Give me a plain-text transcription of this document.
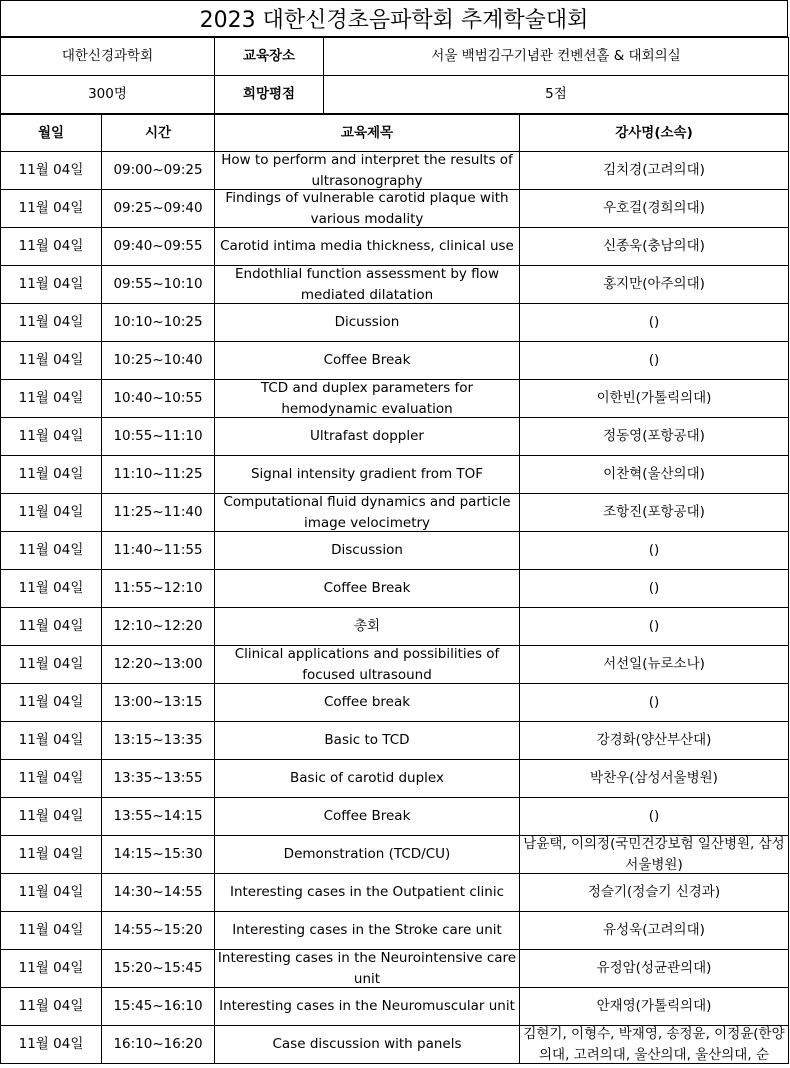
2023 대한신경초음파학회 추계학술대회
대한신경과학회	교육장소	서울 백범김구기념관 컨벤션홀 & 대회의실
300명	희망평점	5점
월일	시간	교육제목	강사명(소속)

11월 04일	09:00~09:25	How to perform and interpret the results of ultrasonography	김치경(고려의대)

11월 04일	09:25~09:40	Findings of vulnerable carotid plaque with various modality	우호걸(경희의대)

11월 04일	09:40~09:55	Carotid intima media thickness, clinical use	신종욱(충남의대)

11월 04일	09:55~10:10	Endothlial function assessment by flow mediated dilatation	홍지만(아주의대)

11월 04일	10:10~10:25	Dicussion	()

11월 04일	10:25~10:40	Coffee Break	()

11월 04일	10:40~10:55	TCD and duplex parameters for hemodynamic evaluation	이한빈(가톨릭의대)

11월 04일	10:55~11:10	Ultrafast doppler	정동영(포항공대)

11월 04일	11:10~11:25	Signal intensity gradient from TOF	이찬혁(울산의대)

11월 04일	11:25~11:40	Computational fluid dynamics and particle image velocimetry	조항진(포항공대)

11월 04일	11:40~11:55	Discussion	()

11월 04일	11:55~12:10	Coffee Break	()

11월 04일	12:10~12:20	총회	()

11월 04일	12:20~13:00	Clinical applications and possibilities of focused ultrasound	서선일(뉴로소나)

11월 04일	13:00~13:15	Coffee break	()

11월 04일	13:15~13:35	Basic to TCD	강경화(양산부산대)

11월 04일	13:35~13:55	Basic of carotid duplex	박찬우(삼성서울병원)

11월 04일	13:55~14:15	Coffee Break	()

11월 04일	14:15~15:30	Demonstration (TCD/CU)	남윤택, 이의정(국민건강보험 일산병원, 삼성서울병원)

11월 04일	14:30~14:55	Interesting cases in the Outpatient clinic	정슬기(정슬기 신경과)

11월 04일	14:55~15:20	Interesting cases in the Stroke care unit	유성욱(고려의대)

11월 04일	15:20~15:45	Interesting cases in the Neurointensive care unit	유정암(성균관의대)

11월 04일	15:45~16:10	Interesting cases in the Neuromuscular unit	안재영(가톨릭의대)

11월 04일	16:10~16:20	Case discussion with panels	김현기, 이형수, 박재영, 송정윤, 이정윤(한양의대, 고려의대, 울산의대, 울산의대, 순
